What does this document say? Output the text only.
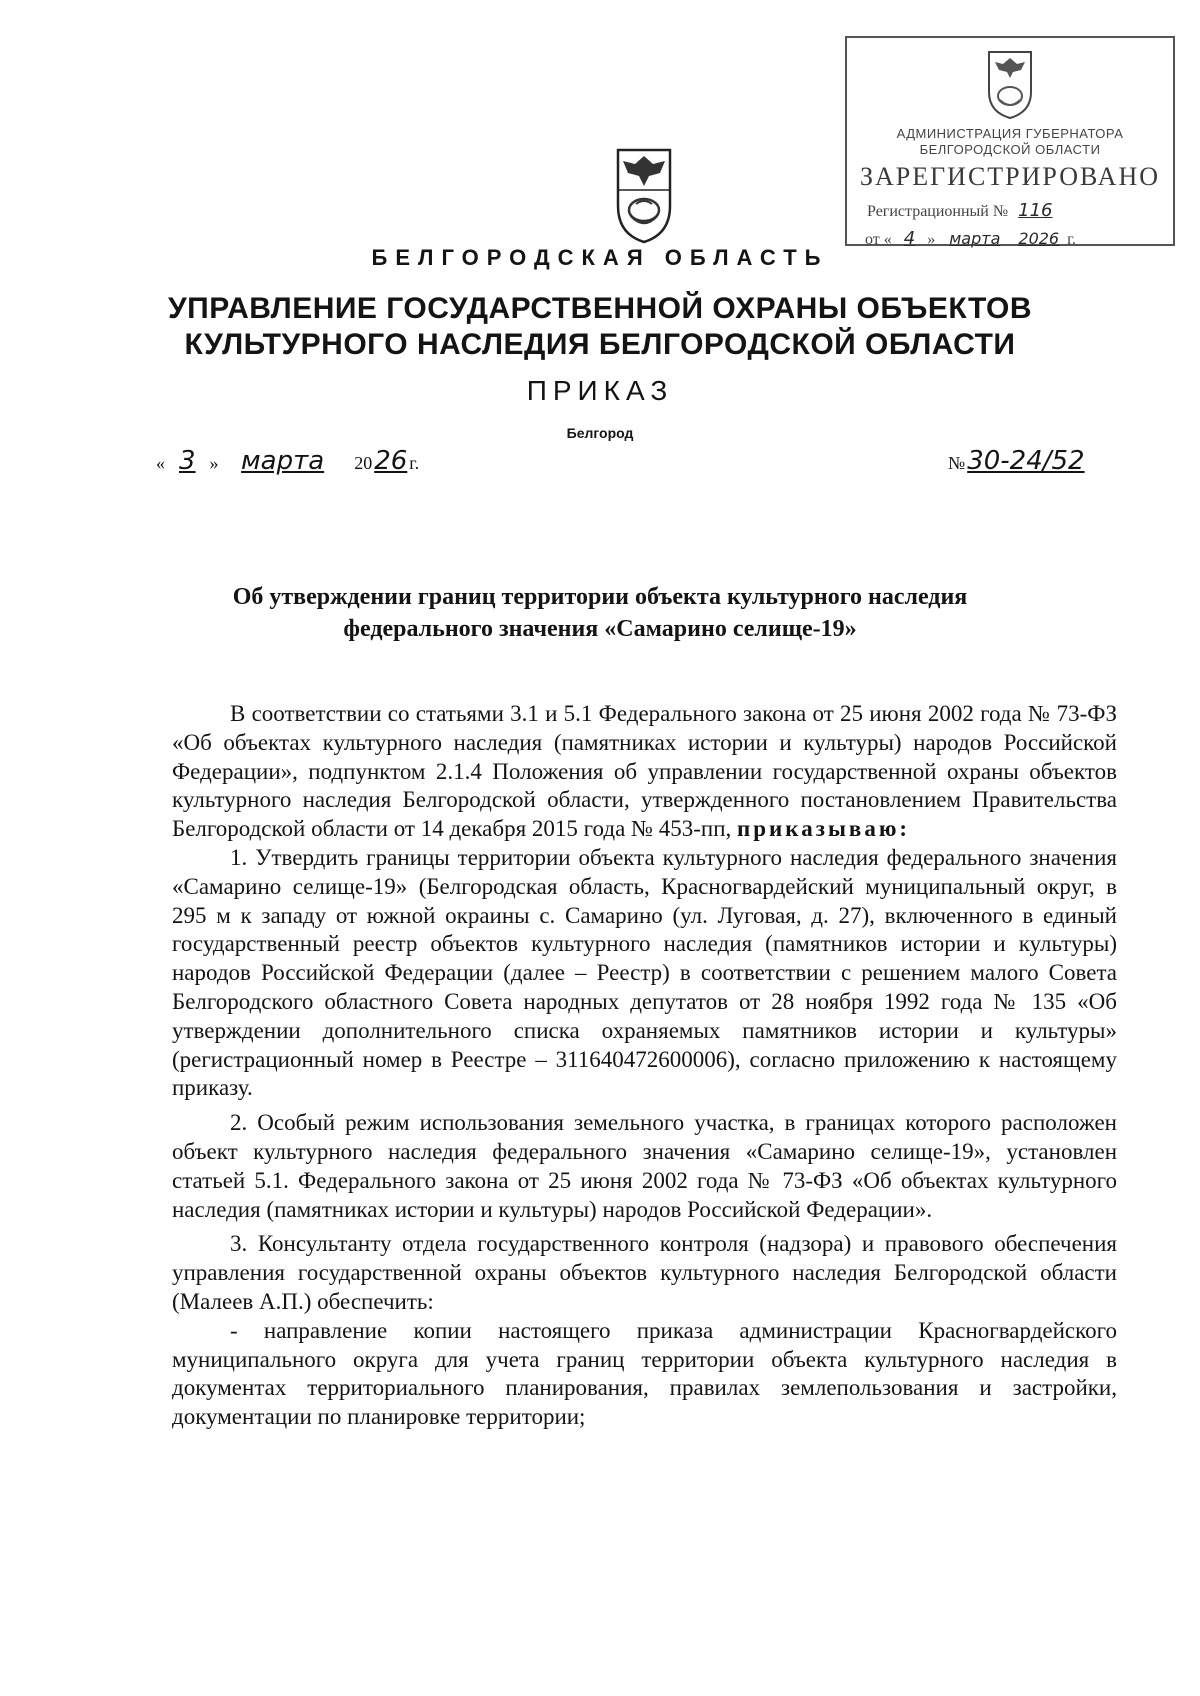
АДМИНИСТРАЦИЯ ГУБЕРНАТОРА
БЕЛГОРОДСКОЙ ОБЛАСТИ
ЗАРЕГИСТРИРОВАНО
Регистрационный № 116
от « 4 » марта 2026 г.
БЕЛГОРОДСКАЯ ОБЛАСТЬ
УПРАВЛЕНИЕ ГОСУДАРСТВЕННОЙ ОХРАНЫ ОБЪЕКТОВ
КУЛЬТУРНОГО НАСЛЕДИЯ БЕЛГОРОДСКОЙ ОБЛАСТИ
ПРИКАЗ
Белгород
« 3 » марта 2026 г.	№30-24/52
Об утверждении границ территории объекта культурного наследия
федерального значения «Самарино селище-19»

В соответствии со статьями 3.1 и 5.1 Федерального закона от 25 июня 2002 года № 73-ФЗ «Об объектах культурного наследия (памятниках истории и культуры) народов Российской Федерации», подпунктом 2.1.4 Положения об управлении государственной охраны объектов культурного наследия Белгородской области, утвержденного постановлением Правительства Белгородской области от 14 декабря 2015 года № 453-пп, приказываю:

1. Утвердить границы территории объекта культурного наследия федерального значения «Самарино селище-19» (Белгородская область, Красногвардейский муниципальный округ, в 295 м к западу от южной окраины с. Самарино (ул. Луговая, д. 27), включенного в единый государственный реестр объектов культурного наследия (памятников истории и культуры) народов Российской Федерации (далее – Реестр) в соответствии с решением малого Совета Белгородского областного Совета народных депутатов от 28 ноября 1992 года № 135 «Об утверждении дополнительного списка охраняемых памятников истории и культуры» (регистрационный номер в Реестре – 311640472600006), согласно приложению к настоящему приказу.

2. Особый режим использования земельного участка, в границах которого расположен объект культурного наследия федерального значения «Самарино селище-19», установлен статьей 5.1. Федерального закона от 25 июня 2002 года № 73-ФЗ «Об объектах культурного наследия (памятниках истории и культуры) народов Российской Федерации».

3. Консультанту отдела государственного контроля (надзора) и правового обеспечения управления государственной охраны объектов культурного наследия Белгородской области (Малеев А.П.) обеспечить:

- направление копии настоящего приказа администрации Красногвардейского муниципального округа для учета границ территории объекта культурного наследия в документах территориального планирования, правилах землепользования и застройки, документации по планировке территории;
